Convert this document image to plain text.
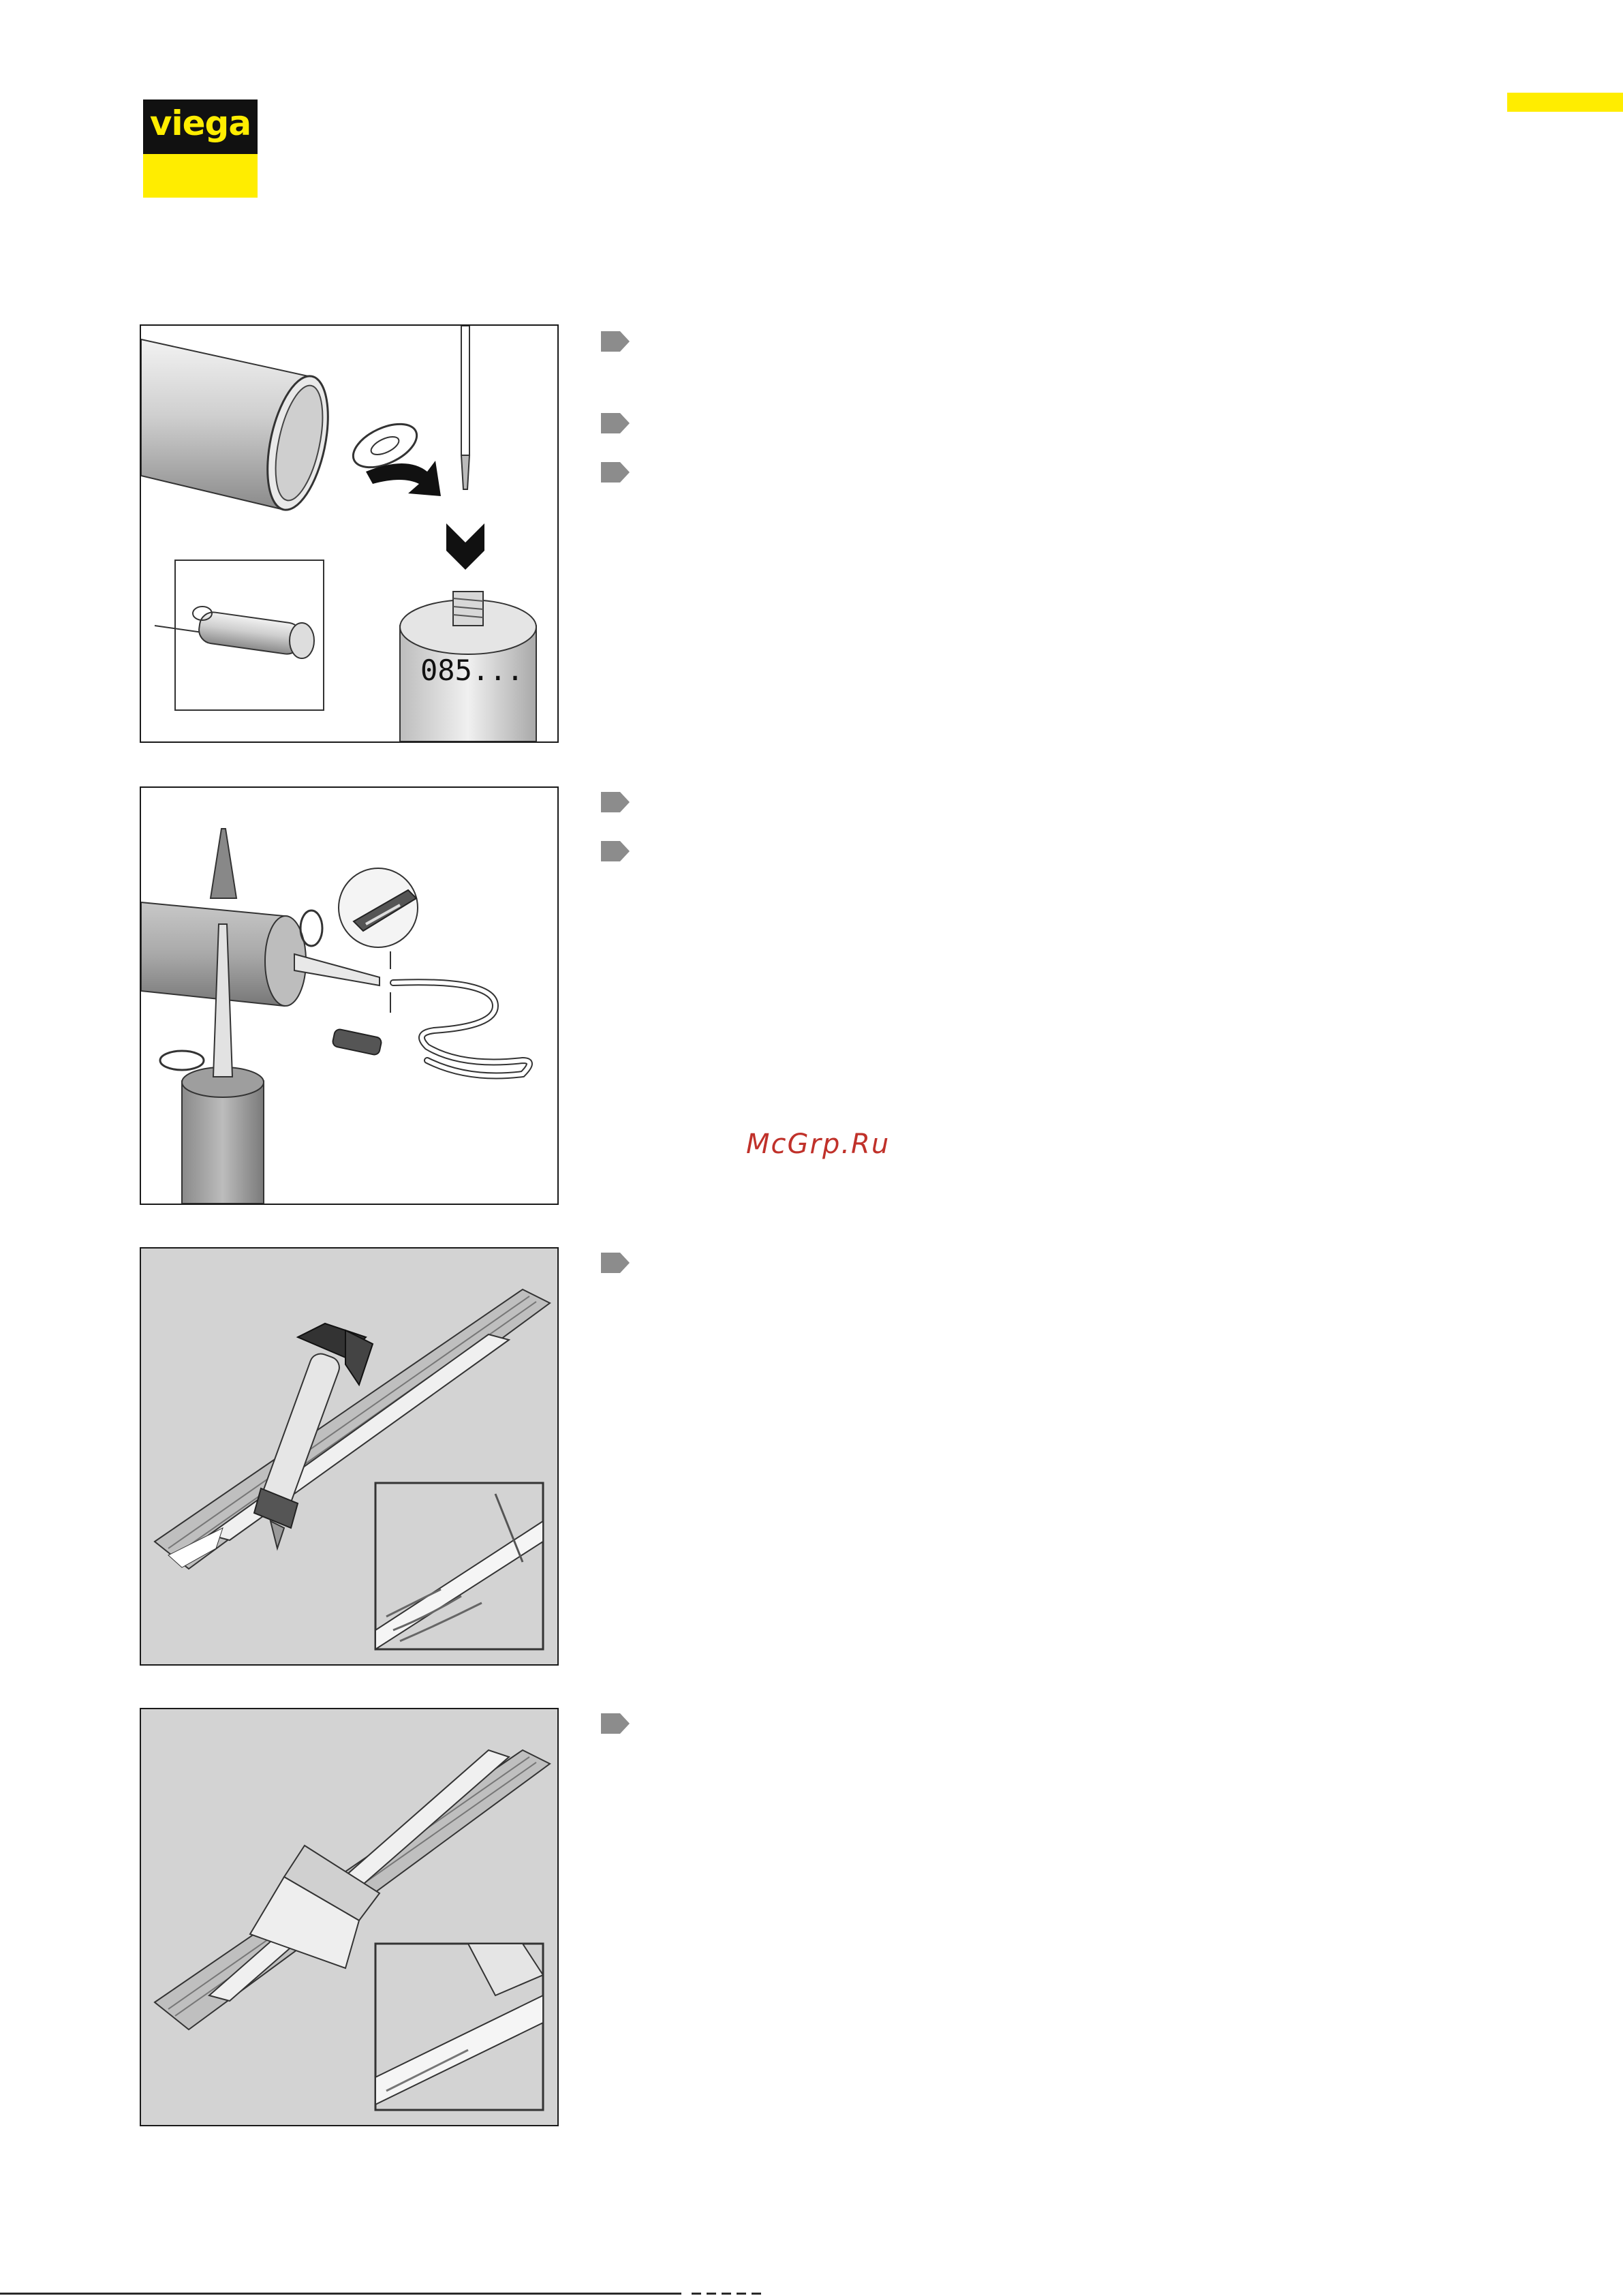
viega
085...
McGrp.Ru
